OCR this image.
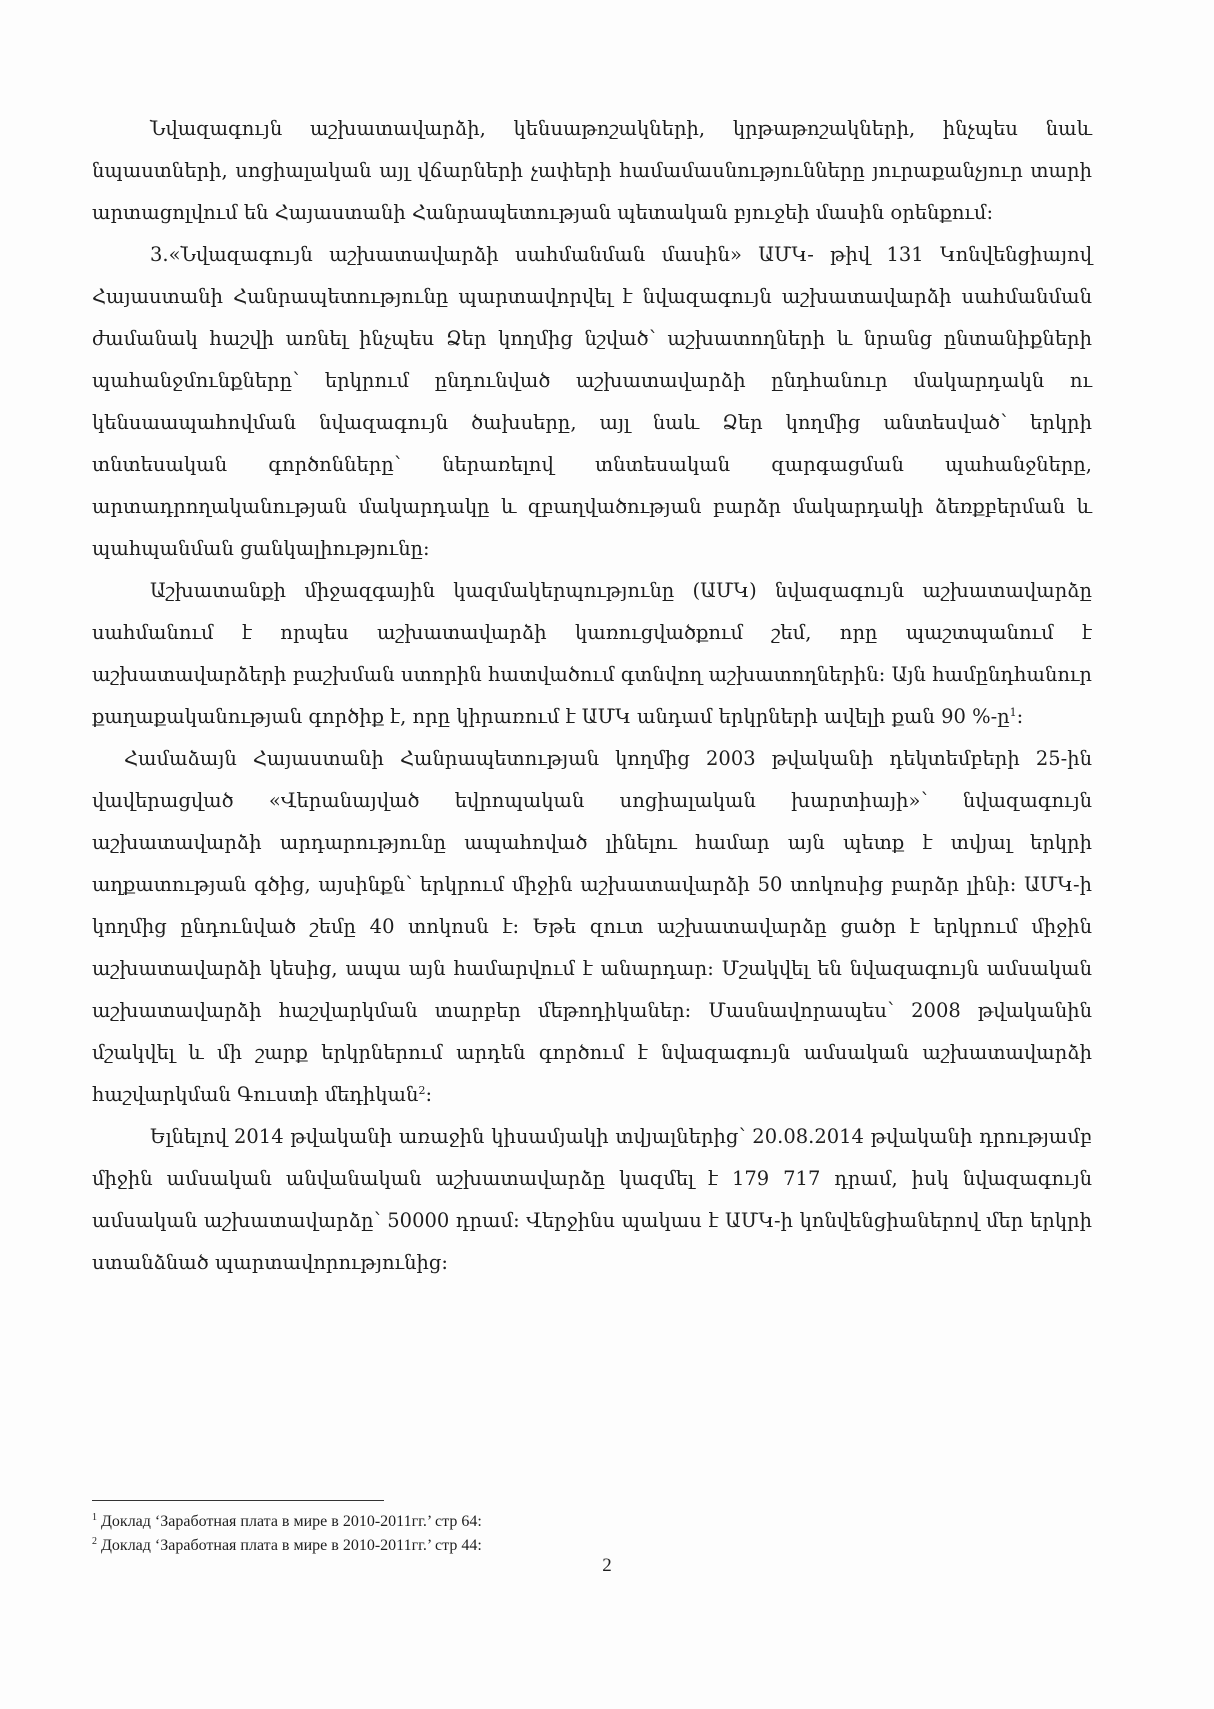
Նվազագույն աշխատավարձի, կենսաթոշակների, կրթաթոշակների, ինչպես նաև նպաստների, սոցիալական այլ վճարների չափերի համամասնությունները յուրաքանչյուր տարի արտացոլվում են Հայաստանի Հանրապետության պետական բյուջեի մասին օրենքում:

3.«Նվազագույն աշխատավարձի սահմանման մասին» ԱՄԿ- թիվ 131 Կոնվենցիայով Հայաստանի Հանրապետությունը պարտավորվել է նվազագույն աշխատավարձի սահմանման ժամանակ հաշվի առնել ինչպես Ձեր կողմից նշված՝ աշխատողների և նրանց ընտանիքների պահանջմունքները՝ երկրում ընդունված աշխատավարձի ընդհանուր մակարդակն ու կենսաապահովման նվազագույն ծախսերը, այլ նաև Ձեր կողմից անտեսված՝ երկրի տնտեսական գործոնները՝ ներառելով տնտեսական զարգացման պահանջները, արտադրողականության մակարդակը և զբաղվածության բարձր մակարդակի ձեռքբերման և պահպանման ցանկալիությունը:

Աշխատանքի միջազգային կազմակերպությունը (ԱՄԿ) նվազագույն աշխատավարձը սահմանում է որպես աշխատավարձի կառուցվածքում շեմ, որը պաշտպանում է աշխատավարձերի բաշխման ստորին հատվածում գտնվող աշխատողներին: Այն համընդհանուր քաղաքականության գործիք է, որը կիրառում է ԱՄԿ անդամ երկրների ավելի քան 90 %-ը$^1$:

Համաձայն Հայաստանի Հանրապետության կողմից 2003 թվականի դեկտեմբերի 25-ին վավերացված «Վերանայված եվրոպական սոցիալական խարտիայի»՝ նվազագույն աշխատավարձի արդարությունը ապահոված լինելու համար այն պետք է տվյալ երկրի աղքատության գծից, այսինքն՝ երկրում միջին աշխատավարձի 50 տոկոսից բարձր լինի: ԱՄԿ-ի կողմից ընդունված շեմը 40 տոկոսն է: Եթե զուտ աշխատավարձը ցածր է երկրում միջին աշխատավարձի կեսից, ապա այն համարվում է անարդար: Մշակվել են նվազագույն ամսական աշխատավարձի հաշվարկման տարբեր մեթոդիկաներ: Մասնավորապես՝ 2008 թվականին մշակվել և մի շարք երկրներում արդեն գործում է նվազագույն ամսական աշխատավարձի հաշվարկման Գուստի մեդիկան$^2$:

Ելնելով 2014 թվականի առաջին կիսամյակի տվյալներից՝ 20.08.2014 թվականի դրությամբ միջին ամսական անվանական աշխատավարձը կազմել է 179 717 դրամ, իսկ նվազագույն ամսական աշխատավարձը՝ 50000 դրամ: Վերջինս պակաս է ԱՄԿ-ի կոնվենցիաներով մեր երկրի ստանձնած պարտավորությունից:

$^1$ Доклад ‘Заработная плата в мире в 2010-2011гг.’ стр 64:

$^2$ Доклад ‘Заработная плата в мире в 2010-2011гг.’ стр 44:

2
